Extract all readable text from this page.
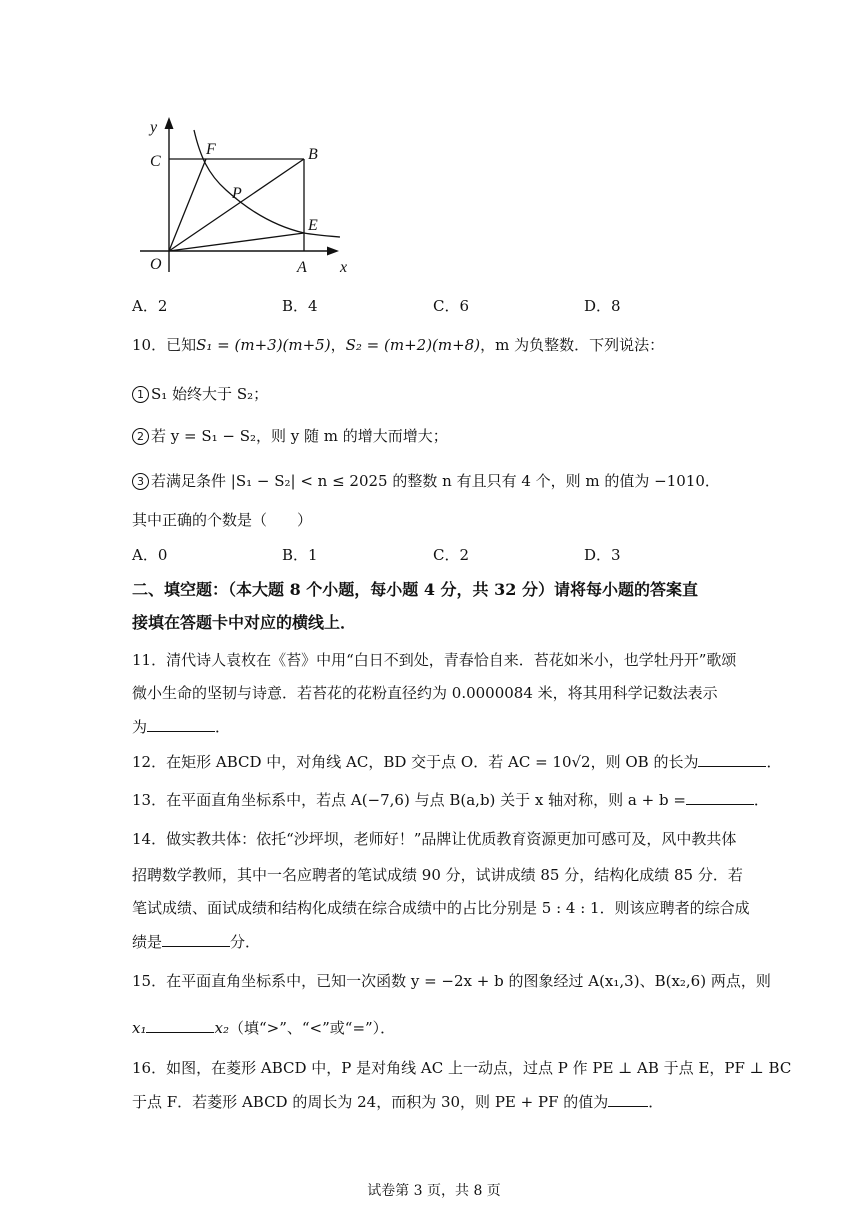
y
C
F	B
P
E
O	A x
A．2	B．4	C．6	D．8
10．已知S₁ = (m+3)(m+5)，S₂ = (m+2)(m+8)，m 为负整数．下列说法：
1 S₁ 始终大于 S₂；
2 若 y = S₁ − S₂，则 y 随 m 的增大而增大；
3 若满足条件 |S₁ − S₂| < n ≤ 2025 的整数 n 有且只有 4 个，则 m 的值为 −1010．
其中正确的个数是（　　）
A．0	B．1	C．2	D．3
二、填空题：（本大题 8 个小题，每小题 4 分，共 32 分）请将每小题的答案直
接填在答题卡中对应的横线上．
11．清代诗人袁枚在《苔》中用“白日不到处，青春恰自来．苔花如米小，也学牡丹开”歌颂
微小生命的坚韧与诗意．若苔花的花粉直径约为 0.0000084 米，将其用科学记数法表示
为	．
12．在矩形 ABCD 中，对角线 AC，BD 交于点 O．若 AC = 10√2，则 OB 的长为	．
13．在平面直角坐标系中，若点 A(−7,6) 与点 B(a,b) 关于 x 轴对称，则 a + b =	．
14．做实教共体：依托“沙坪坝，老师好！”品牌让优质教育资源更加可感可及，风中教共体
招聘数学教师，其中一名应聘者的笔试成绩 90 分，试讲成绩 85 分，结构化成绩 85 分．若
笔试成绩、面试成绩和结构化成绩在综合成绩中的占比分别是 5 : 4 : 1．则该应聘者的综合成
绩是	分．
15．在平面直角坐标系中，已知一次函数 y = −2x + b 的图象经过 A(x₁,3)、B(x₂,6) 两点，则
x₁	x₂（填“>”、“<”或“=”）．
16．如图，在菱形 ABCD 中，P 是对角线 AC 上一动点，过点 P 作 PE ⊥ AB 于点 E，PF ⊥ BC
于点 F．若菱形 ABCD 的周长为 24，而积为 30，则 PE + PF 的值为	．
试卷第 3 页，共 8 页
